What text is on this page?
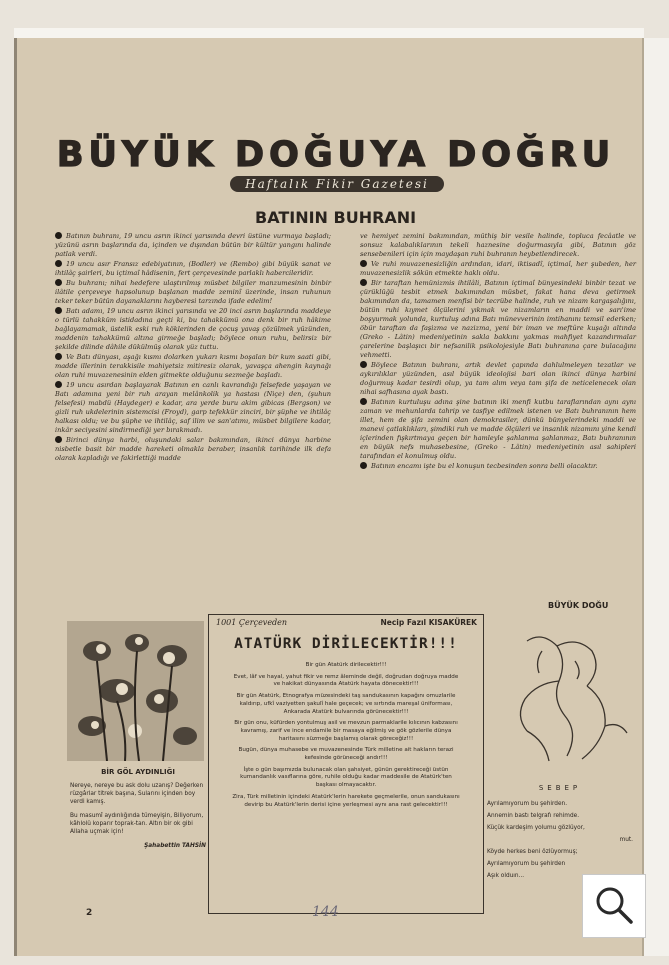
BÜYÜK DOĞUYA DOĞRU
Haftalık Fikir Gazetesi
BATININ BUHRANI

Batının buhranı, 19 uncu asrın ikinci yarısında devri üstüne vurmaya başladı; yüzünü asrın başlarında da, içinden ve dışından bütün bir kültür yangını halinde patlak verdi.

19 uncu asır Fransız edebiyatının, (Bodler) ve (Rembo) gibi büyük sanat ve ihtilâç şairleri, bu içtimaî hâdisenin, fert çerçevesinde parlaklı habercileridir.

Bu buhranı; nihai hedefere ulaştırılmış müsbet bilgiler manzumesinin binbir ilâtile çerçeveye hapsolunup başlanan madde zeminî üzerinde, insan ruhunun teker teker bütün dayanaklarını hayberesi tarzında ifade edelim!

Batı adamı, 19 uncu asrın ikinci yarısında ve 20 inci asrın başlarında maddeye o türlü tahakküm istidadına geçti ki, bu tahakkümü ona denk bir ruh hâkime bağlayamamak, üstelik eski ruh köklerinden de çocuş yavaş çözülmek yüzünden, maddenin tahakkümü altına girmeğe başladı; böylece onun ruhu, belirsiz bir şekilde dilinde dâhile dükülmüş olarak yüz tuttu.

Ve Batı dünyası, aşağı kısmı dolarken yukarı kısmı boşalan bir kum saati gibi, madde illerinin terakkisile mahiyetsiz mitiresiz olarak, yavaşça ahengin kaynağı olan ruhi muvazenesinin elden gitmekte olduğunu sezmeğe başladı.

19 uncu asırdan başlayarak Batının en canlı kavrandığı felsefede yaşayan ve Batı adamına yeni bir ruh arayan melânkolik ya hastası (Niçe) den, (şuhun felsefesi) mabdü (Haydeger) e kadar, ara yerde buru akim gibicas (Bergson) ve gizli ruh ukdelerinin sistemcisi (Froyd), garp tefekkür zinciri, bir şüphe ve ihtilâç halkası oldu; ve bu şüphe ve ihtilâç, saf ilim ve san'atımı, müsbet bilgilere kadar, inkâr seciyesini sindirmediği yer bırakmadı.

Birinci dünya harbi, oluşundaki salar bakımından, ikinci dünya harbine nisbetle basit bir madde hareketi olmakla beraber, insanlık tarihinde ilk defa olarak kapladığı ve fakirlettiği madde

ve hemiyet zemini bakımından, müthiş bir vesile halinde, topluca fecâatle ve sonsuz kalabalıklarının tekeli haznesine doğurmasıyla gibi, Batının göz sensebenileri için için maydaşan ruhi buhranın heybetlendirecek.

Ve ruhi muvazenesizliğin ardından, idari, iktisadî, içtimaî, her şubeden, her muvazenesizlik sökün etmekte haklı oldu.

Bir taraftan hemünizmis ihtilâli, Batının içtimaî bünyesindeki binbir tezat ve çürüklüğü tesbit etmek bakımından müsbet, fakat hana deva getirmek bakımından da, tamamen menfisi bir tecrübe halinde, ruh ve nizam kargaşalığını, bütün ruhi kıymet ölçülerini yıkmak ve nizamların en maddi ve sarı'ime boşyurmak yolunda, kurtuluş adına Batı münevverinin imtihanını temsil ederken; öbür taraftan da faşizma ve nazizma, yeni bir iman ve meftûre kuşağı altında (Greko - Lâtin) medeniyetinin sakla bakkını yakmas mahfiyet kazandırmalar çarelerine başlaşıcı bir nefsanilik psikolojesiyle Batı buhranına çare bulacağını vehmetti.

Böylece Batının buhranı, artık devlet çapında dahlulmeleyen tezatlar ve aykırılıklar yüzünden, asıl büyük ideolojisi bari olan ikinci dünya harbini doğurmuş kadar tesirdi olup, ya tam alım veya tam şifa de neticelenecek olan nihai safhasına ayak bastı.

Batının kurtuluşu adına şine batının iki menfi kutbu taraflarından aynı aynı zaman ve mehunlarda tahrip ve tasfiye edilmek istenen ve Batı buhranının hem illet, hem de şifa zemini olan demokrasiler, dünkü bünyelerindeki maddi ve manevi çatlaklıkları, şimdiki ruh ve madde ölçüleri ve insanlık nizamını yine kendi içlerinden fışkırtmaya geçen bir hamleyle şahlanma şahlanmaz, Batı buhranının en büyük nefs muhasebesine, (Greko - Lâtin) medeniyetinin asıl sahipleri tarafından el konulmuş oldu.

Batının encamı işte bu el konuşun tecbesinden sonra belli olacaktır.

BÜYÜK DOĞU
BİR GÖL AYDINLIĞI

Nereye, nereye bu ask dolu uzanış? Değerken rüzgârlar titrek başına, Sularını içinden boy verdi kamış.

Bu masumî aydınlığında tümeyişin, Biliyorum, kâhlolü koparır toprak-tan. Altın bir ok gibi Allaha uçmak için!

Şahabettin TAHSİN
1001 Çerçeveden	Necip Fazıl KISAKÜREK
ATATÜRK DİRİLECEKTİR!!!

Bir gün Atatürk dirilecektir!!!

Evet, lâf ve hayal, yahut fikir ve remz âleminde değil, doğrudan doğruya madde ve hakikat dünyasında Atatürk hayata dönecektir!!!

Bir gün Atatürk, Etnografya müzesindeki taş sandukasının kapağını omuzlarile kaldırıp, ufkî vaziyetten şakulî hale geçecek; ve sırtında mareşal üniforması, Ankarada Atatürk bulvarında görünecektir!!!

Bir gün onu, küfürden yontulmuş asil ve mevzun parmaklarile kılıcının kabzasını kavramış, zarif ve ince endamile bir masaya eğilmiş ve gök gözlerile dünya haritasını süzmeğe başlamış olarak göreceğiz!!!

Bugün, dünya muhasebe ve muvazenesinde Türk milletine ait hakların terazi kefesinde görüneceği andır!!!

İşte o gün başımızda bulunacak olan şahsiyet, günün gerektireceği üstün kumandanlık vasıflarına göre, ruhile olduğu kadar maddesile de Atatürk'ten başkası olmayacaktır.

Zira, Türk milletinin içindeki Atatürk'lerin harekete geçmelerile, onun sandukasını devirip bu Atatürk'lerin derisi içine yerleşmesi aynı ana rast gelecektir!!!

SEBEP

Ayrılamıyorum bu şehirden.

Annemin bastı telgrafı rehimde.

Küçük kardeşim yolumu gözlüyor,

mut.

Köyde herkes beni özlüyormuş;

Ayrılamıyorum bu şehirden

Aşık olduın...

2	144
